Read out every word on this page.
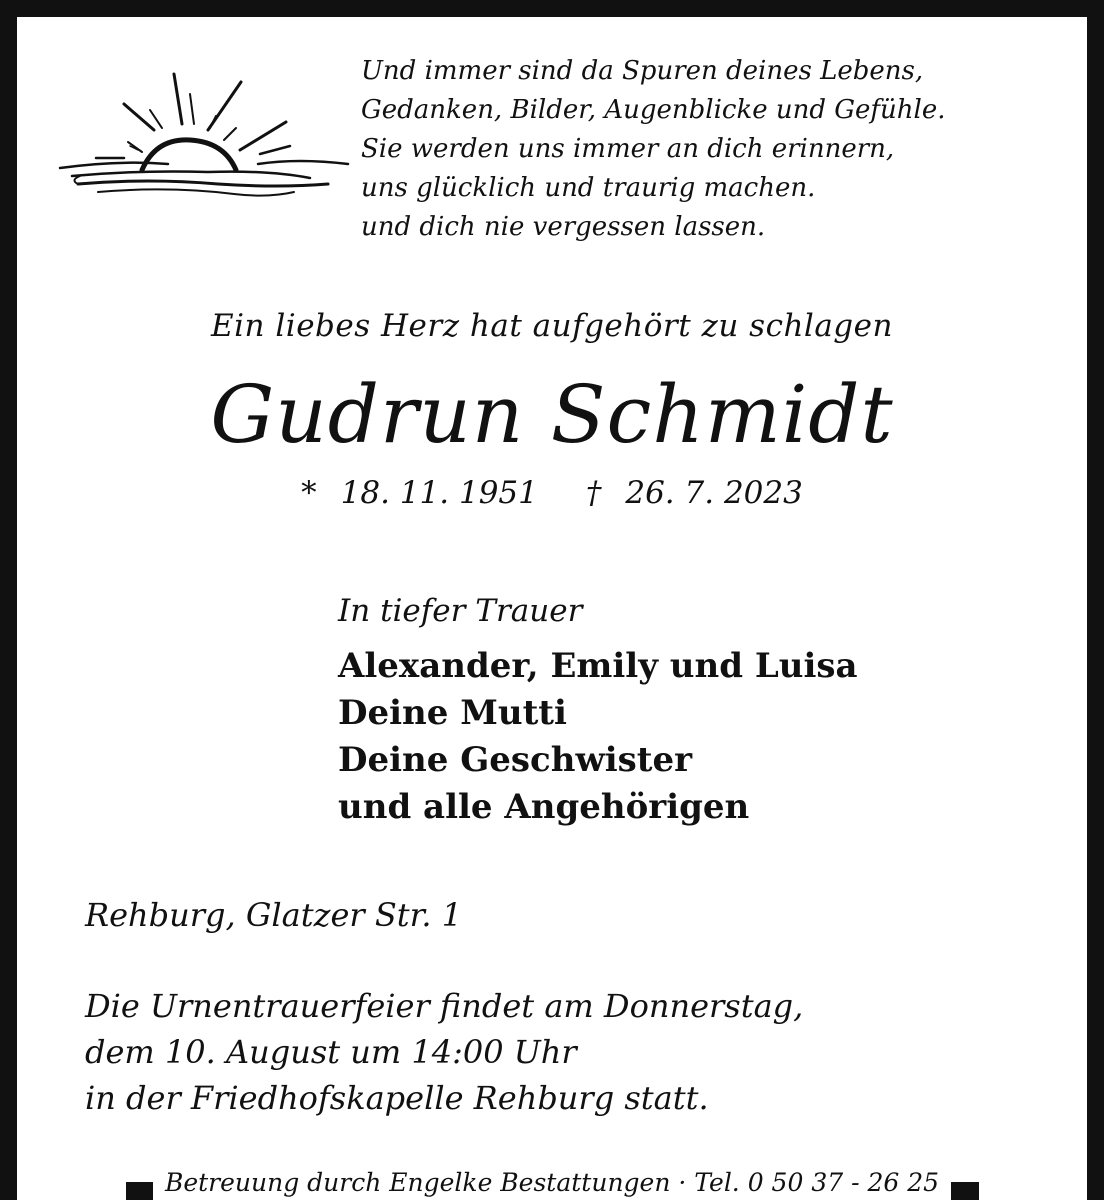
Und immer sind da Spuren deines Lebens,
Gedanken, Bilder, Augenblicke und Gefühle.
Sie werden uns immer an dich erinnern,
uns glücklich und traurig machen.
und dich nie vergessen lassen.
Ein liebes Herz hat aufgehört zu schlagen
Gudrun Schmidt
* 18. 11. 1951 † 26. 7. 2023
In tiefer Trauer
Alexander, Emily und Luisa
Deine Mutti
Deine Geschwister
und alle Angehörigen
Rehburg, Glatzer Str. 1
Die Urnentrauerfeier findet am Donnerstag,
dem 10. August um 14:00 Uhr
in der Friedhofskapelle Rehburg statt.
Betreuung durch Engelke Bestattungen · Tel. 0 50 37 - 26 25
